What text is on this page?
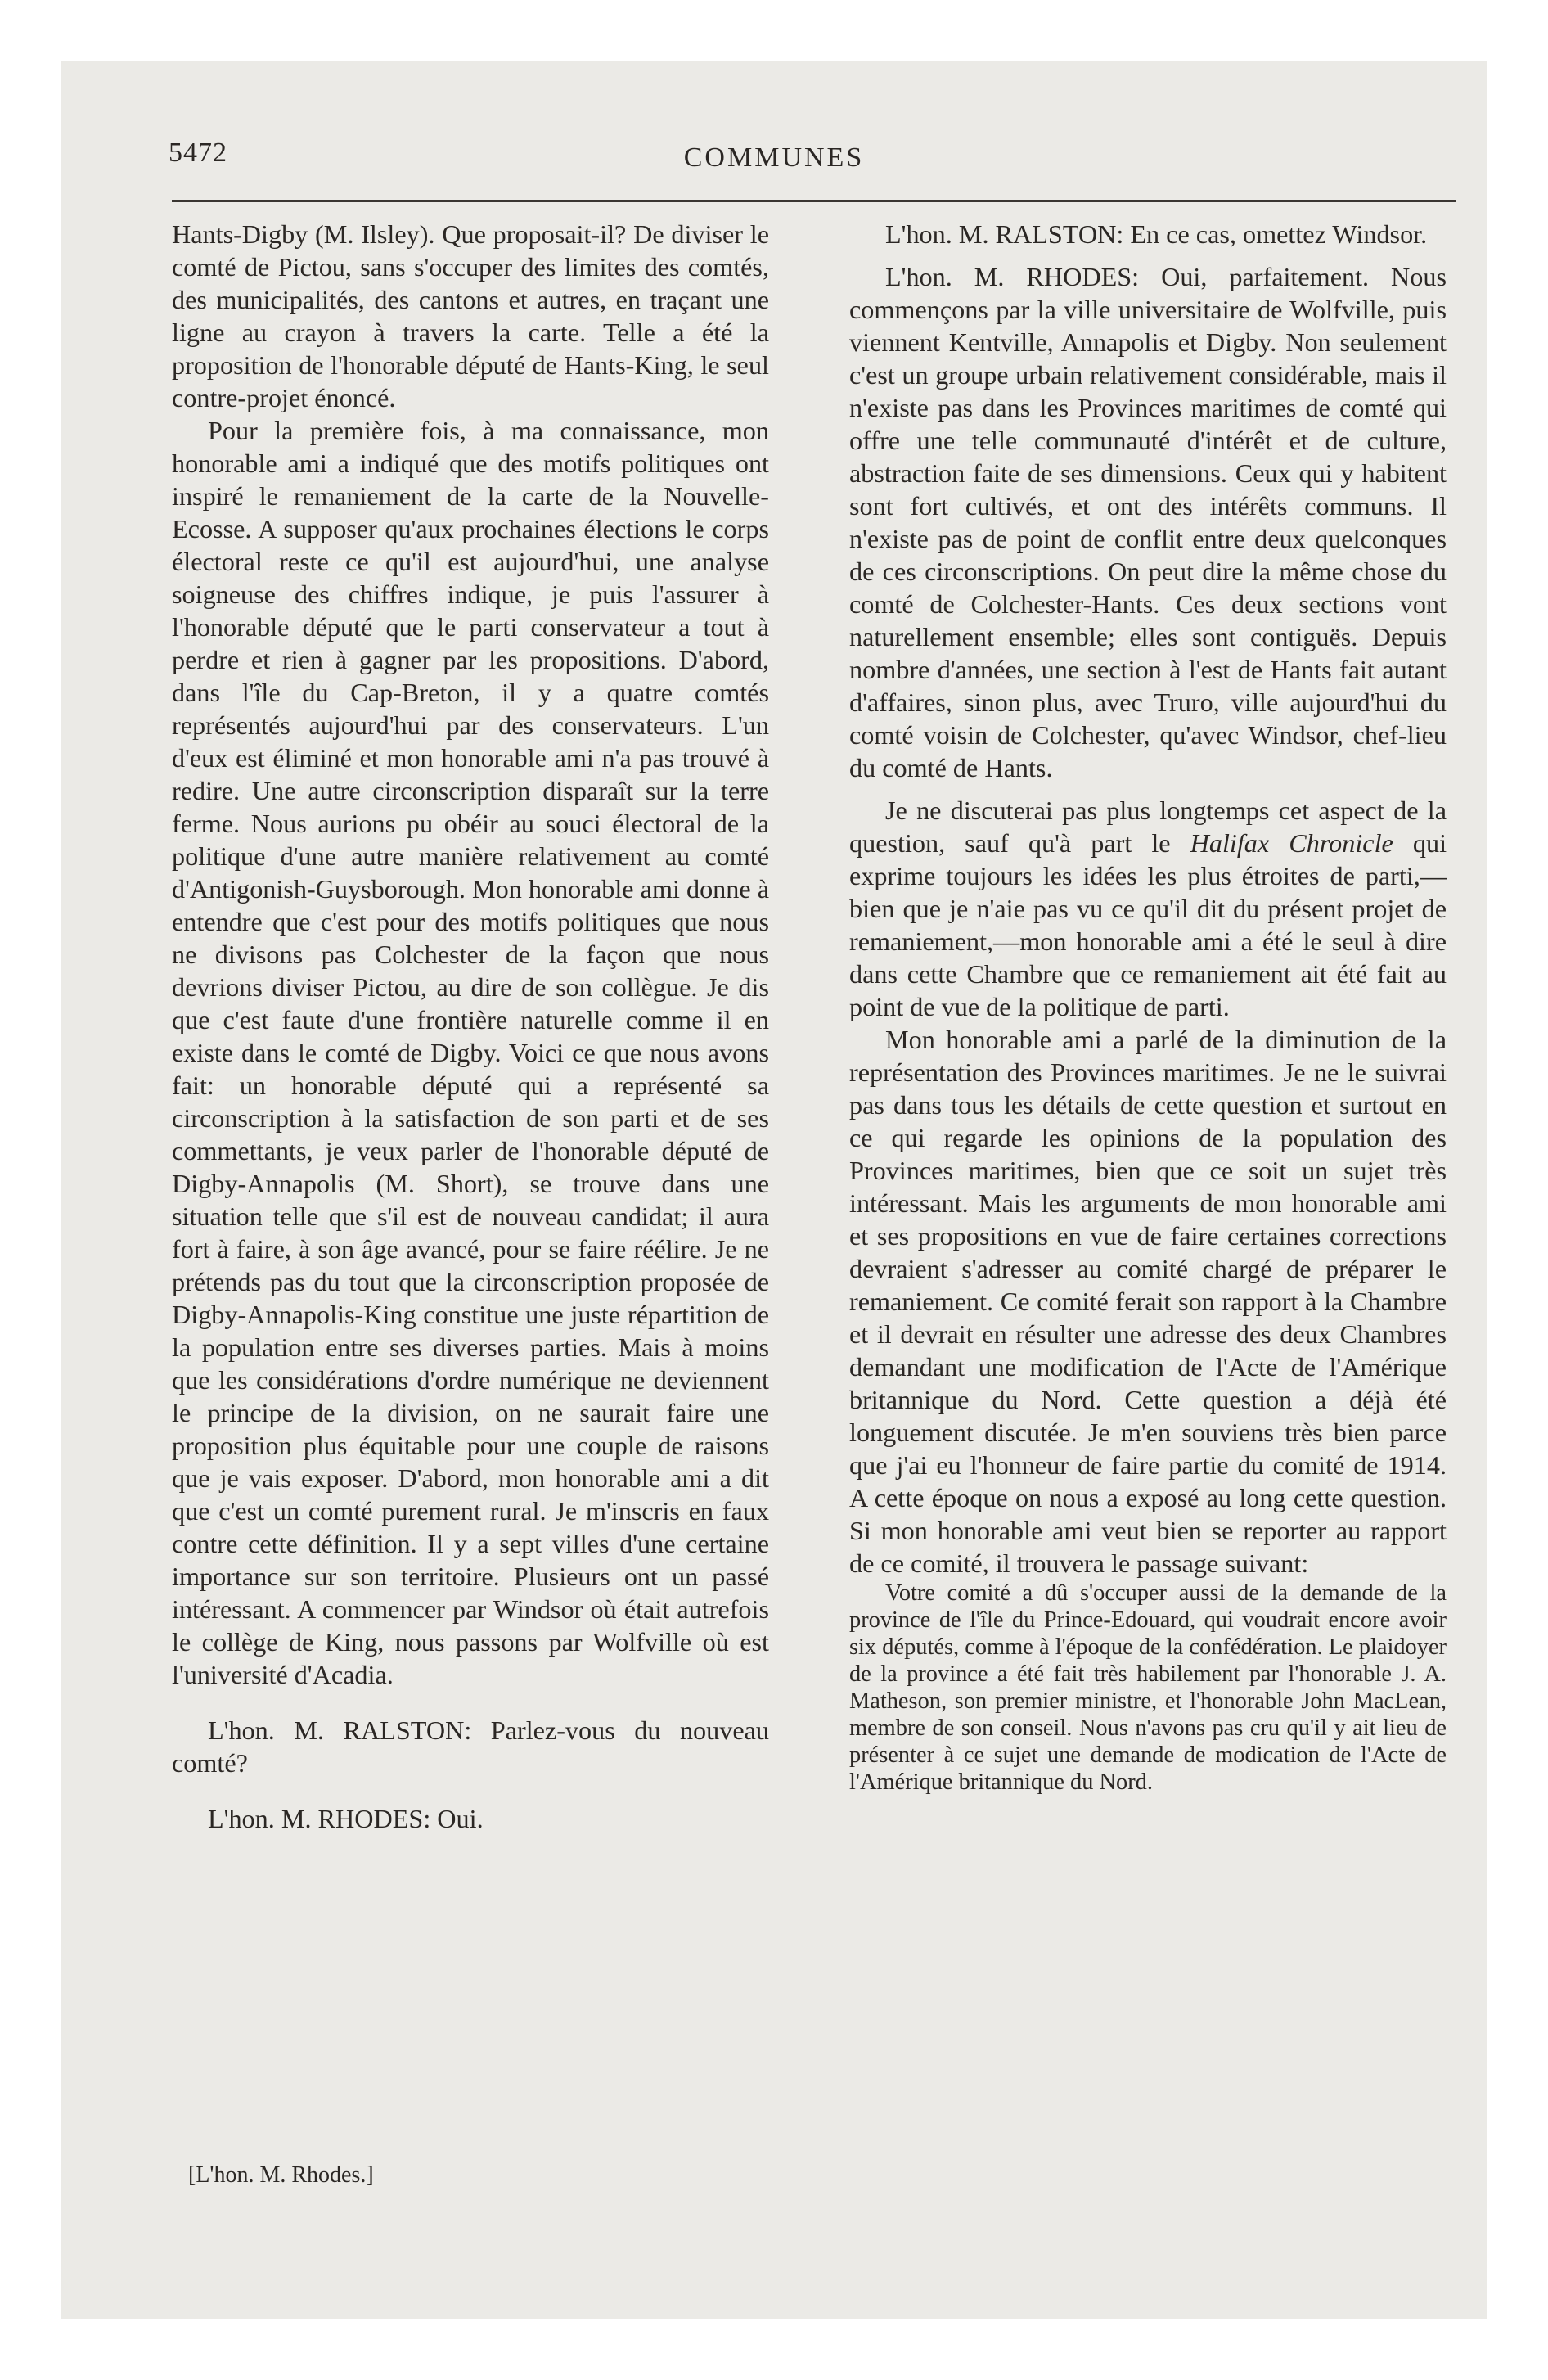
5472	COMMUNES

Hants-Digby (M. Ilsley). Que proposait-il? De diviser le comté de Pictou, sans s'occuper des limites des comtés, des municipalités, des cantons et autres, en traçant une ligne au crayon à travers la carte. Telle a été la proposition de l'honorable député de Hants-King, le seul contre-projet énoncé.

Pour la première fois, à ma connaissance, mon honorable ami a indiqué que des motifs politiques ont inspiré le remaniement de la carte de la Nouvelle-Ecosse. A supposer qu'aux prochaines élections le corps électoral reste ce qu'il est aujourd'hui, une analyse soigneuse des chiffres indique, je puis l'assurer à l'honorable député que le parti conservateur a tout à perdre et rien à gagner par les propositions. D'abord, dans l'île du Cap-Breton, il y a quatre comtés représentés aujourd'hui par des conservateurs. L'un d'eux est éliminé et mon honorable ami n'a pas trouvé à redire. Une autre circonscription disparaît sur la terre ferme. Nous aurions pu obéir au souci électoral de la politique d'une autre manière relativement au comté d'Antigonish-Guysborough. Mon honorable ami donne à entendre que c'est pour des motifs politiques que nous ne divisons pas Colchester de la façon que nous devrions diviser Pictou, au dire de son collègue. Je dis que c'est faute d'une frontière naturelle comme il en existe dans le comté de Digby. Voici ce que nous avons fait: un honorable député qui a représenté sa circonscription à la satisfaction de son parti et de ses commettants, je veux parler de l'honorable député de Digby-Annapolis (M. Short), se trouve dans une situation telle que s'il est de nouveau candidat; il aura fort à faire, à son âge avancé, pour se faire réélire. Je ne prétends pas du tout que la circonscription proposée de Digby-Annapolis-King constitue une juste répartition de la population entre ses diverses parties. Mais à moins que les considérations d'ordre numérique ne deviennent le principe de la division, on ne saurait faire une proposition plus équitable pour une couple de raisons que je vais exposer. D'abord, mon honorable ami a dit que c'est un comté purement rural. Je m'inscris en faux contre cette définition. Il y a sept villes d'une certaine importance sur son territoire. Plusieurs ont un passé intéressant. A commencer par Windsor où était autrefois le collège de King, nous passons par Wolfville où est l'université d'Acadia.

L'hon. M. RALSTON: Parlez-vous du nouveau comté?

L'hon. M. RHODES: Oui.

[L'hon. M. Rhodes.]

L'hon. M. RALSTON: En ce cas, omettez Windsor.

L'hon. M. RHODES: Oui, parfaitement. Nous commençons par la ville universitaire de Wolfville, puis viennent Kentville, Annapolis et Digby. Non seulement c'est un groupe urbain relativement considérable, mais il n'existe pas dans les Provinces maritimes de comté qui offre une telle communauté d'intérêt et de culture, abstraction faite de ses dimensions. Ceux qui y habitent sont fort cultivés, et ont des intérêts communs. Il n'existe pas de point de conflit entre deux quelconques de ces circonscriptions. On peut dire la même chose du comté de Colchester-Hants. Ces deux sections vont naturellement ensemble; elles sont contiguës. Depuis nombre d'années, une section à l'est de Hants fait autant d'affaires, sinon plus, avec Truro, ville aujourd'hui du comté voisin de Colchester, qu'avec Windsor, chef-lieu du comté de Hants.

Je ne discuterai pas plus longtemps cet aspect de la question, sauf qu'à part le Halifax Chronicle qui exprime toujours les idées les plus étroites de parti,—bien que je n'aie pas vu ce qu'il dit du présent projet de remaniement,—mon honorable ami a été le seul à dire dans cette Chambre que ce remaniement ait été fait au point de vue de la politique de parti.

Mon honorable ami a parlé de la diminution de la représentation des Provinces maritimes. Je ne le suivrai pas dans tous les détails de cette question et surtout en ce qui regarde les opinions de la population des Provinces maritimes, bien que ce soit un sujet très intéressant. Mais les arguments de mon honorable ami et ses propositions en vue de faire certaines corrections devraient s'adresser au comité chargé de préparer le remaniement. Ce comité ferait son rapport à la Chambre et il devrait en résulter une adresse des deux Chambres demandant une modification de l'Acte de l'Amérique britannique du Nord. Cette question a déjà été longuement discutée. Je m'en souviens très bien parce que j'ai eu l'honneur de faire partie du comité de 1914. A cette époque on nous a exposé au long cette question. Si mon honorable ami veut bien se reporter au rapport de ce comité, il trouvera le passage suivant:

Votre comité a dû s'occuper aussi de la demande de la province de l'île du Prince-Edouard, qui voudrait encore avoir six députés, comme à l'époque de la confédération. Le plaidoyer de la province a été fait très habilement par l'honorable J. A. Matheson, son premier ministre, et l'honorable John MacLean, membre de son conseil. Nous n'avons pas cru qu'il y ait lieu de présenter à ce sujet une demande de modication de l'Acte de l'Amérique britannique du Nord.
